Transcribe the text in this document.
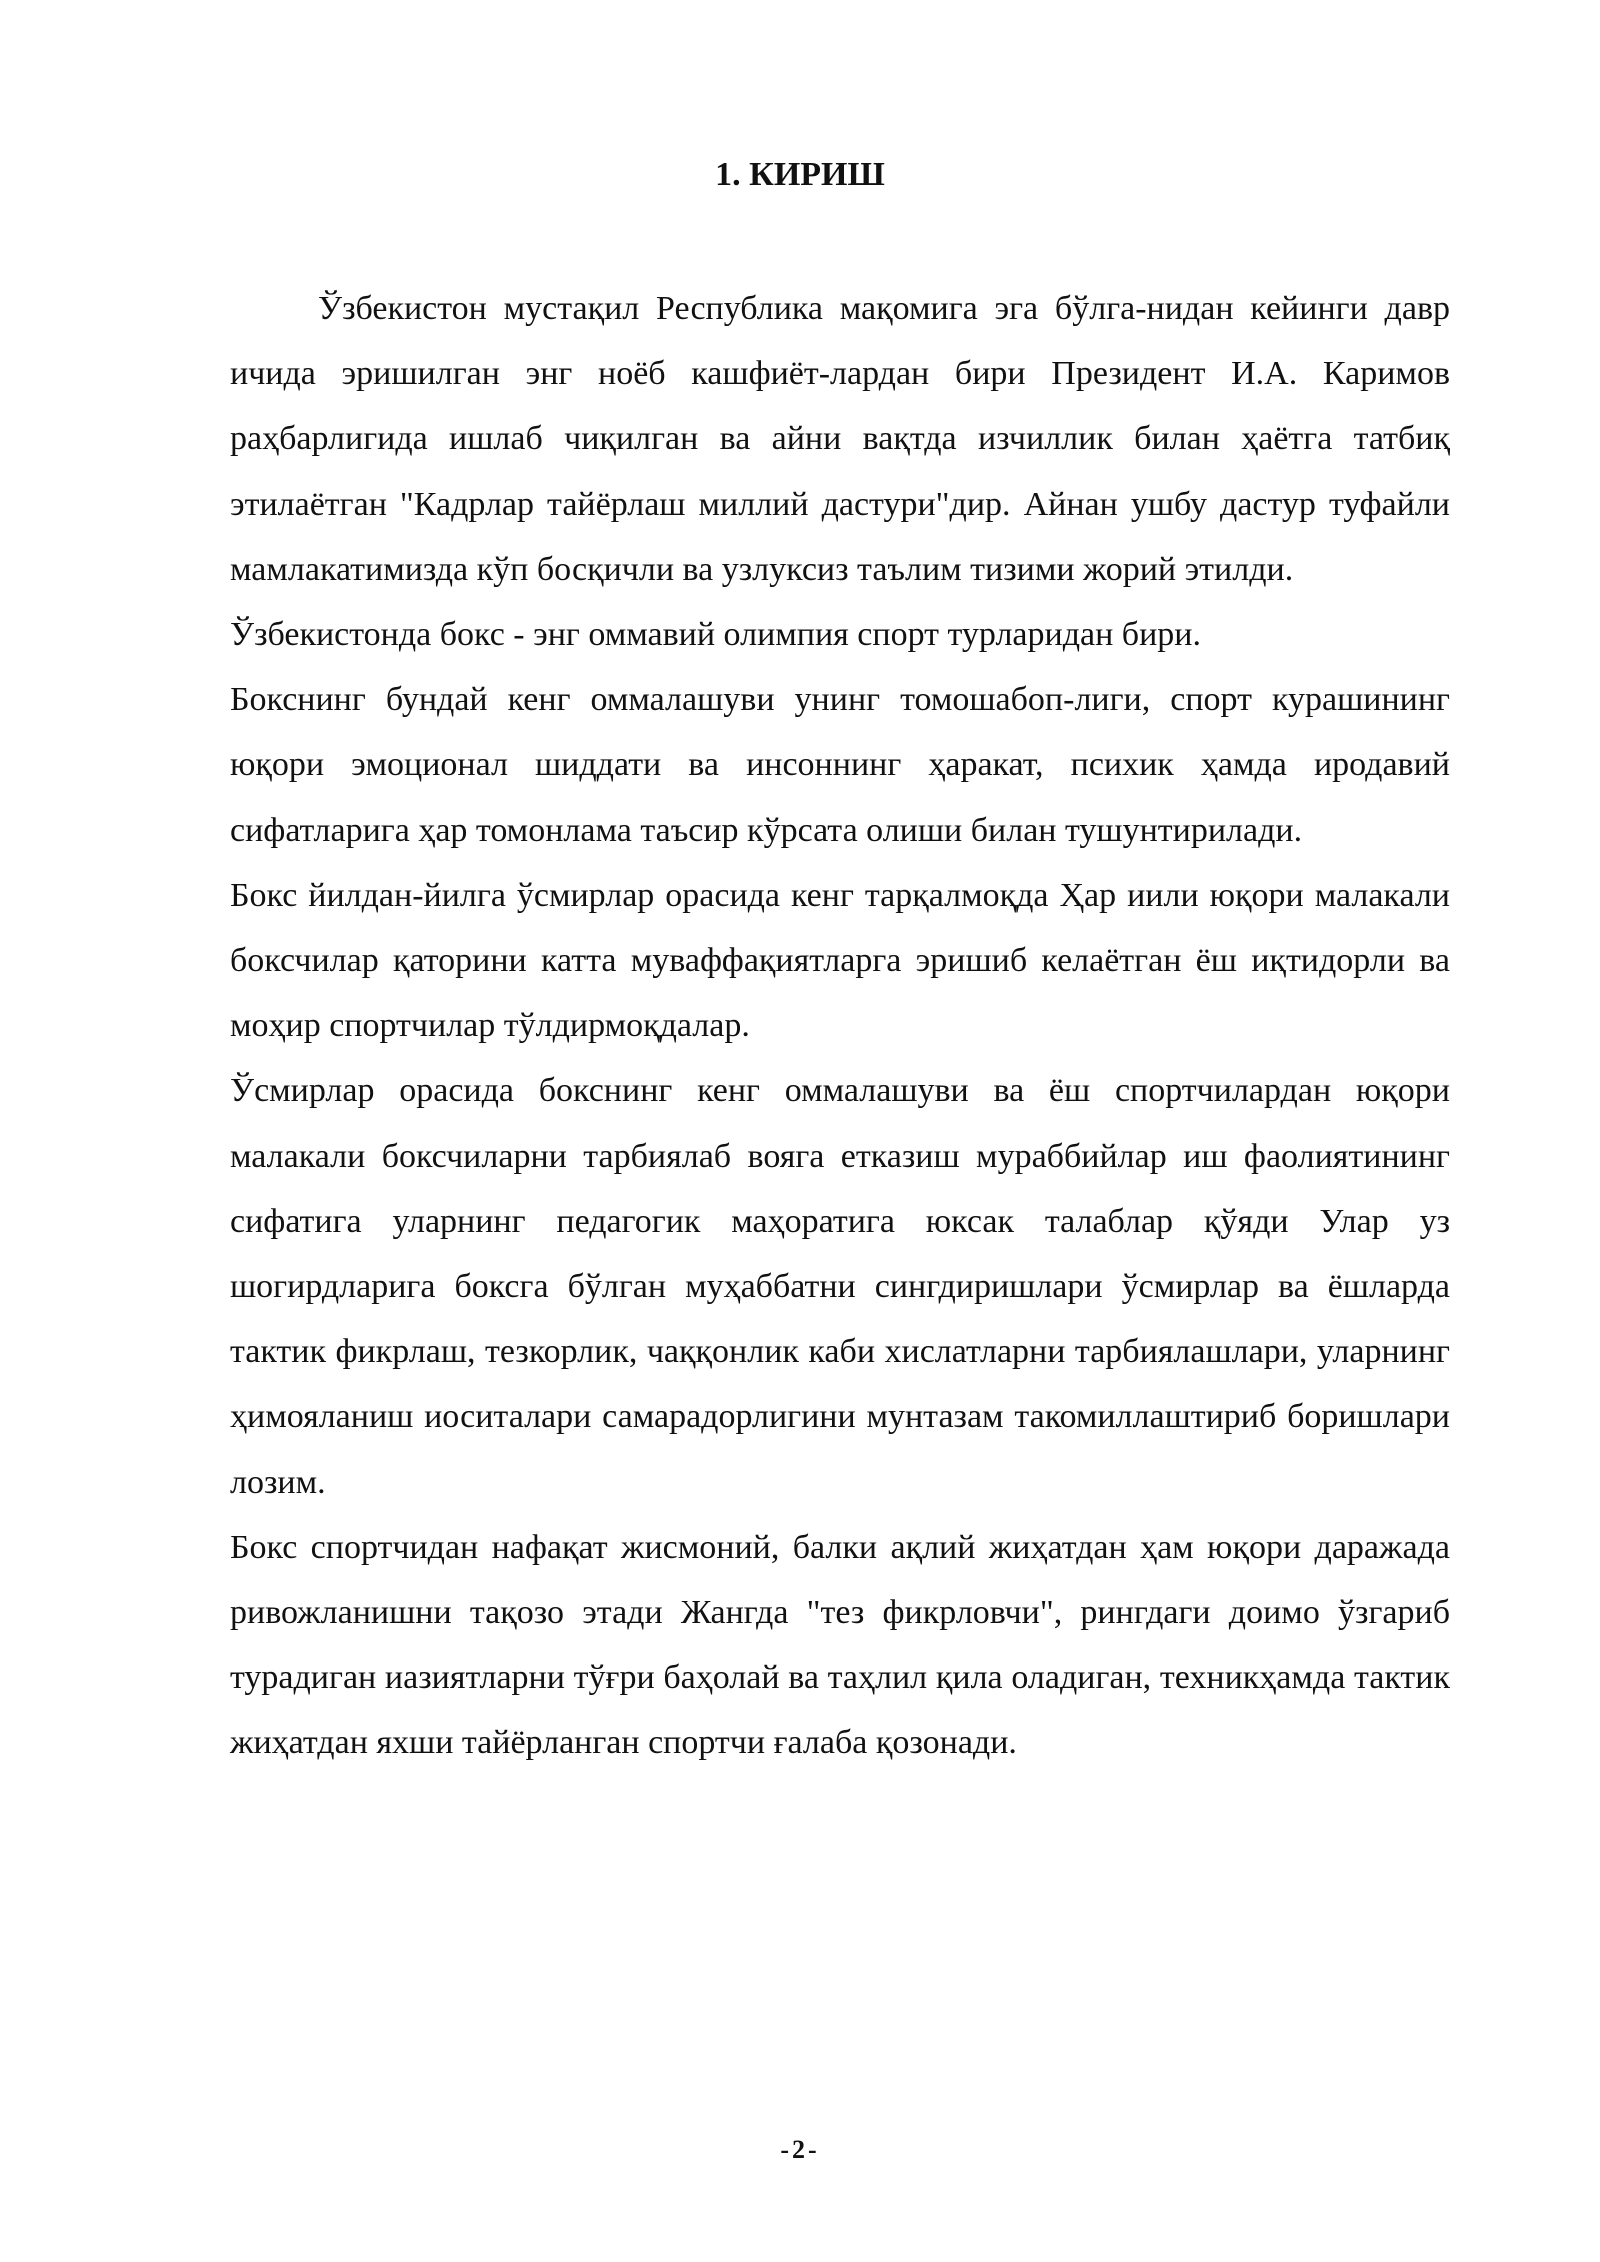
1. КИРИШ

Ўзбекистон мустақил Республика мақомига эга бўлга-нидан кейинги давр ичида эришилган энг ноёб кашфиёт-лардан бири Президент И.А. Каримов раҳбарлигида ишлаб чиқилган ва айни вақтда изчиллик билан ҳаётга татбиқ этилаётган "Кадрлар тайёрлаш миллий дастури"дир. Айнан ушбу дастур туфайли мамлакатимизда кўп босқичли ва узлуксиз таълим тизими жорий этилди.

Ўзбекистонда бокс - энг оммавий олимпия спорт турларидан бири.

Бокснинг бундай кенг оммалашуви унинг томошабоп-лиги, спорт курашининг юқори эмоционал шиддати ва инсоннинг ҳаракат, психик ҳамда иродавий сифатларига ҳар томонлама таъсир кўрсата олиши билан тушунтирилади.

Бокс йилдан-йилга ўсмирлар орасида кенг тарқалмоқда Ҳар иили юқори малакали боксчилар қаторини катта муваффақиятларга эришиб келаётган ёш иқтидорли ва моҳир спортчилар тўлдирмоқдалар.

Ўсмирлар орасида бокснинг кенг оммалашуви ва ёш спортчилардан юқори малакали боксчиларни тарбиялаб вояга етказиш мураббийлар иш фаолиятининг сифатига уларнинг педагогик маҳоратига юксак талаблар қўяди Улар уз шогирдларига боксга бўлган муҳаббатни сингдиришлари ўсмирлар ва ёшларда тактик фикрлаш, тезкорлик, чаққонлик каби хислатларни тарбиялашлари, уларнинг ҳимояланиш иоситалари самарадорлигини мунтазам такомиллаштириб боришлари лозим.

Бокс спортчидан нафақат жисмоний, балки ақлий жиҳатдан ҳам юқори даражада ривожланишни тақозо этади Жангда "тез фикрловчи", рингдаги доимо ўзгариб турадиган иазиятларни тўғри баҳолай ва таҳлил қила оладиган, техникҳамда тактик жиҳатдан яхши тайёрланган спортчи ғалаба қозонади.

-2-
